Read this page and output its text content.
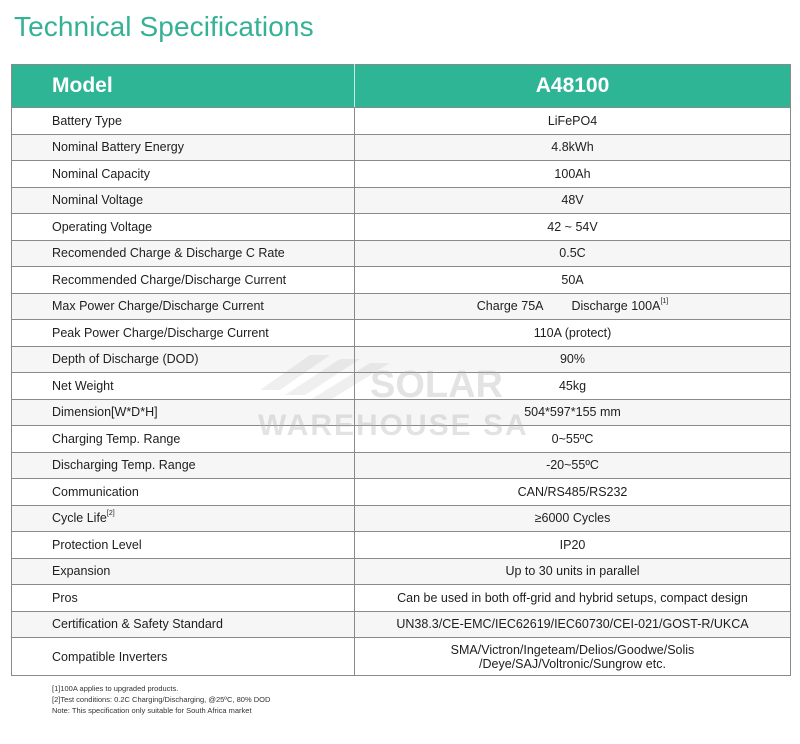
Technical Specifications
Model	A48100
Battery Type	LiFePO4
Nominal Battery Energy	4.8kWh
Nominal Capacity	100Ah
Nominal Voltage	48V
Operating Voltage	42 ~ 54V
Recomended Charge & Discharge C Rate	0.5C
Recommended Charge/Discharge Current	50A
Max Power Charge/Discharge Current	Charge 75A Discharge 100A[1]
Peak Power Charge/Discharge Current	110A (protect)
Depth of Discharge (DOD)	90%
Net Weight	45kg
Dimension[W*D*H]	504*597*155 mm
Charging Temp. Range	0~55ºC
Discharging Temp. Range	-20~55ºC
Communication	CAN/RS485/RS232
Cycle Life[2]	≥6000 Cycles
Protection Level	IP20
Expansion	Up to 30 units in parallel
Pros	Can be used in both off-grid and hybrid setups, compact design
Certification & Safety Standard	UN38.3/CE-EMC/IEC62619/IEC60730/CEI-021/GOST-R/UKCA
Compatible Inverters	SMA/Victron/Ingeteam/Delios/Goodwe/Solis
/Deye/SAJ/Voltronic/Sungrow etc.
SOLAR
WAREHOUSE SA
[1]100A applies to upgraded products.
[2]Test conditions: 0.2C Charging/Discharging, @25ºC, 80% DOD
Note: This specification only suitable for South Africa market
